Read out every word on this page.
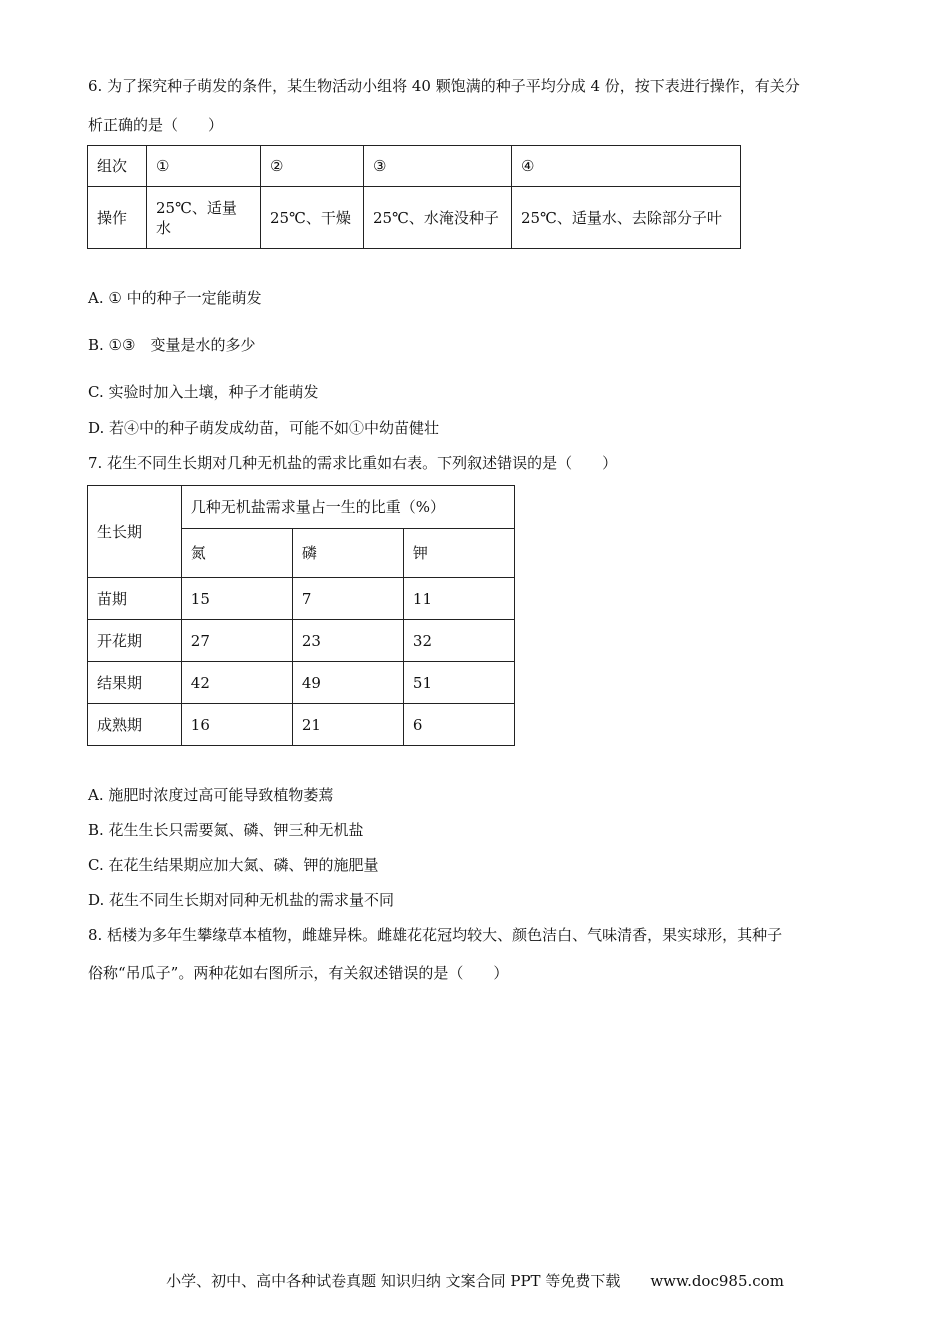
6. 为了探究种子萌发的条件，某生物活动小组将 40 颗饱满的种子平均分成 4 份，按下表进行操作，有关分
析正确的是（　　）
组次	①	②	③	④
操作	25℃、适量水	25℃、干燥	25℃、水淹没种子	25℃、适量水、去除部分子叶
A. ① 中的种子一定能萌发
B. ①③　变量是水的多少
C. 实验时加入土壤，种子才能萌发
D. 若④中的种子萌发成幼苗，可能不如①中幼苗健壮
7. 花生不同生长期对几种无机盐的需求比重如右表。下列叙述错误的是（　　）
生长期	几种无机盐需求量占一生的比重（%）		
	氮	磷	钾
苗期	15	7	11
开花期	27	23	32
结果期	42	49	51
成熟期	16	21	6
A. 施肥时浓度过高可能导致植物萎蔫
B. 花生生长只需要氮、磷、钾三种无机盐
C. 在花生结果期应加大氮、磷、钾的施肥量
D. 花生不同生长期对同种无机盐的需求量不同
8. 栝楼为多年生攀缘草本植物，雌雄异株。雌雄花花冠均较大、颜色洁白、气味清香，果实球形，其种子
俗称“吊瓜子”。两种花如右图所示，有关叙述错误的是（　　）
小学、初中、高中各种试卷真题 知识归纳 文案合同 PPT 等免费下载　　www.doc985.com
